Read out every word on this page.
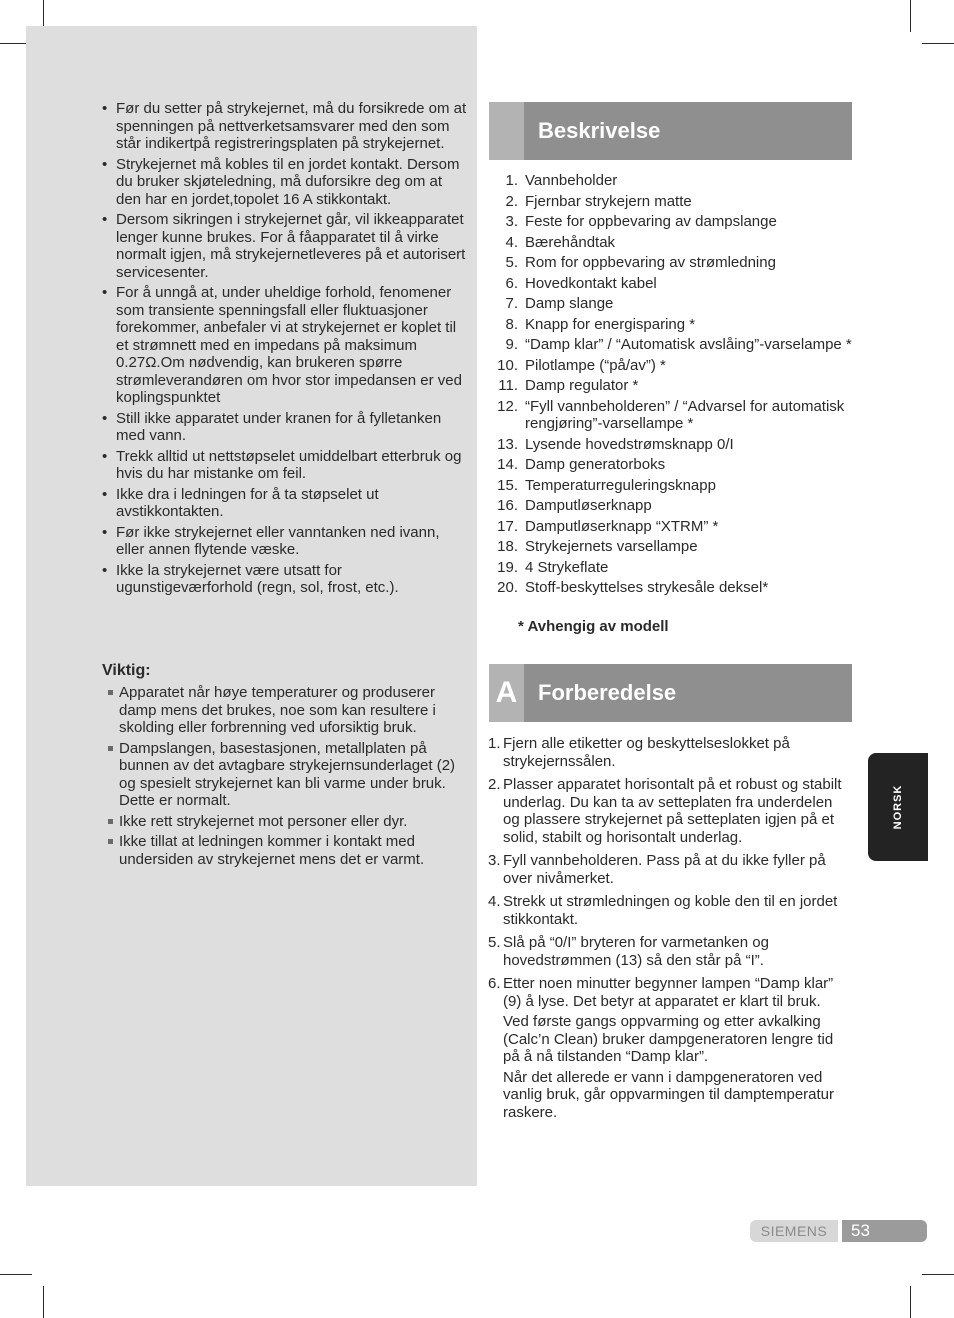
• Før du setter på strykejernet, må du forsikrede om at spenningen på nettverketsamsvarer med den som står indikertpå registreringsplaten på strykejernet.
• Strykejernet må kobles til en jordet kontakt. Dersom du bruker skjøteledning, må duforsikre deg om at den har en jordet,topolet 16 A stikkontakt.
• Dersom sikringen i strykejernet går, vil ikkeapparatet lenger kunne brukes. For å fåapparatet til å virke normalt igjen, må strykejernetleveres på et autorisert servicesenter.
• For å unngå at, under uheldige forhold, fenomener som transiente spenningsfall eller fluktuasjoner forekommer, anbefaler vi at strykejernet er koplet til et strømnett med en impedans på maksimum 0.27Ω.Om nødvendig, kan brukeren spørre strømleverandøren om hvor stor impedansen er ved koplingspunktet
• Still ikke apparatet under kranen for å fylletanken med vann.
• Trekk alltid ut nettstøpselet umiddelbart etterbruk og hvis du har mistanke om feil.
• Ikke dra i ledningen for å ta støpselet ut avstikkontakten.
• Før ikke strykejernet eller vanntanken ned ivann, eller annen flytende væske.
• Ikke la strykejernet være utsatt for ugunstigeværforhold (regn, sol, frost, etc.).
Viktig:
Apparatet når høye temperaturer og produserer damp mens det brukes, noe som kan resultere i skolding eller forbrenning ved uforsiktig bruk.
Dampslangen, basestasjonen, metallplaten på bunnen av det avtagbare strykejernsunderlaget (2) og spesielt strykejernet kan bli varme under bruk. Dette er normalt.
Ikke rett strykejernet mot personer eller dyr.
Ikke tillat at ledningen kommer i kontakt med undersiden av strykejernet mens det er varmt.
Beskrivelse
1. Vannbeholder
2. Fjernbar strykejern matte
3. Feste for oppbevaring av dampslange
4. Bærehåndtak
5. Rom for oppbevaring av strømledning
6. Hovedkontakt kabel
7. Damp slange
8. Knapp for energisparing *
9. “Damp klar” / “Automatisk avslåing”-varselampe *
10. Pilotlampe (“på/av”) *
11. Damp regulator *
12. “Fyll vannbeholderen” / “Advarsel for automatisk rengjøring”-varsellampe *
13. Lysende hovedstrømsknapp 0/I
14. Damp generatorboks
15. Temperaturreguleringsknapp
16. Damputløserknapp
17. Damputløserknapp “XTRM” *
18. Strykejernets varsellampe
19. 4 Strykeflate
20. Stoff-beskyttelses strykesåle deksel*
* Avhengig av modell
A Forberedelse
1. Fjern alle etiketter og beskyttelseslokket på strykejernssålen.

2. Plasser apparatet horisontalt på et robust og stabilt underlag. Du kan ta av setteplaten fra underdelen og plassere strykejernet på setteplaten igjen på et solid, stabilt og horisontalt underlag.

3. Fyll vannbeholderen. Pass på at du ikke fyller på over nivåmerket.

4. Strekk ut strømledningen og koble den til en jordet stikkontakt.

5. Slå på “0/I” bryteren for varmetanken og hovedstrømmen (13) så den står på “I”.

6. Etter noen minutter begynner lampen “Damp klar” (9) å lyse. Det betyr at apparatet er klart til bruk.

Ved første gangs oppvarming og etter avkalking (Calc’n Clean) bruker dampgeneratoren lengre tid på å nå tilstanden “Damp klar”.

Når det allerede er vann i dampgeneratoren ved vanlig bruk, går oppvarmingen til damptemperatur raskere.

NORSK
SIEMENS	53
